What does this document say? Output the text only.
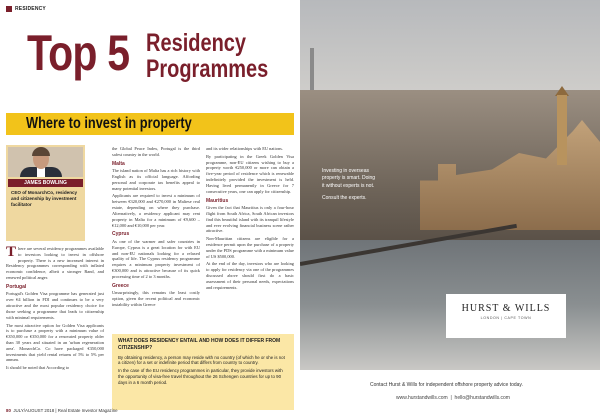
RESIDENCY
Top 5 Residency
Programmes
Where to invest in property
JAMES BOWLING
CEO of MonarchCo, residency and citizenship by investment facilitator

There are several residency programmes available to investors looking to invest in offshore property. There is a new increased interest in Residency programmes corresponding with inflated economic confidence, albeit a stronger Rand, and renewed political anger.

Portugal

Portugal's Golden Visa programme has generated just over €4 billion in FDI and continues to be a very attractive and the most popular residency choice for those seeking a programme that leads to citizenship with minimal requirements.

The most attractive option for Golden Visa applicants is to purchase a property with a minimum value of €350,000 or €350,000 for a renovated property older than 30 years and situated in an 'urban regeneration area'. MonarchCo. Co have packaged €350,000 investments that yield rental returns of 5% to 5% per annum.

It should be noted that According to

the Global Peace Index, Portugal is the third safest country in the world.

Malta

The island nation of Malta has a rich history with English as its official language. Affording personal and corporate tax benefits appeal to many potential investors.

Applicants are required to invest a minimum of between €320,000 and €270,000 in Maltese real estate, depending on where they purchase. Alternatively, a residency applicant may rent property in Malta for a minimum of €9,600 – €12,000 and €10,000 per year.

Cyprus

As one of the warmer and safer countries in Europe, Cyprus is a great location for with EU and non-EU nationals looking for a relaxed quality of life. The Cyprus residency programme requires a minimum property investment of €300,000 and is attractive because of its quick processing time of 2 to 3 months.

Greece

Unsurprisingly, this remains the least costly option, given the recent political and economic instability within Greece

and its wider relationships with EU nations.

By participating in the Greek Golden Visa programme, non-EU citizens wishing to buy a property worth €250,000 or more can obtain a five-year period of residence which is renewable indefinitely provided the investment is held. Having lived permanently in Greece for 7 consecutive years, one can apply for citizenship.

Mauritius

Given the fact that Mauritius is only a four-hour flight from South Africa, South African investors find this beautiful island with its tranquil lifestyle and ever evolving financial business scene rather attractive.

Non-Mauritian citizens are eligible for a residence permit upon the purchase of a property under the PDS programme with a minimum value of US $500,000.

At the end of the day, investors who are looking to apply for residency via one of the programmes discussed above should first do a basic assessment of their personal needs, expectations and requirements.

WHAT DOES RESIDENCY ENTAIL AND HOW DOES IT DIFFER FROM CITIZENSHIP?

By obtaining residency, a person may reside with no country (of which he or she is not a citizen) for a set or indefinite period that differs from country to country.

In the case of the EU residency programmes in particular, they provide investors with the opportunity of visa-free travel throughout the 26 Schengen countries for up to 90 days in a 6 month period.

80 JULY/AUGUST 2018 | Real Estate Investor Magazine
Investing in overseas
property is smart. Doing
it without experts is not.
Consult the experts.
HURST & WILLS
LONDON | CAPE TOWN
Contact Hurst & Wills for independent offshore property advice today.
www.hurstandwills.com  |  hello@hurstandwills.com
